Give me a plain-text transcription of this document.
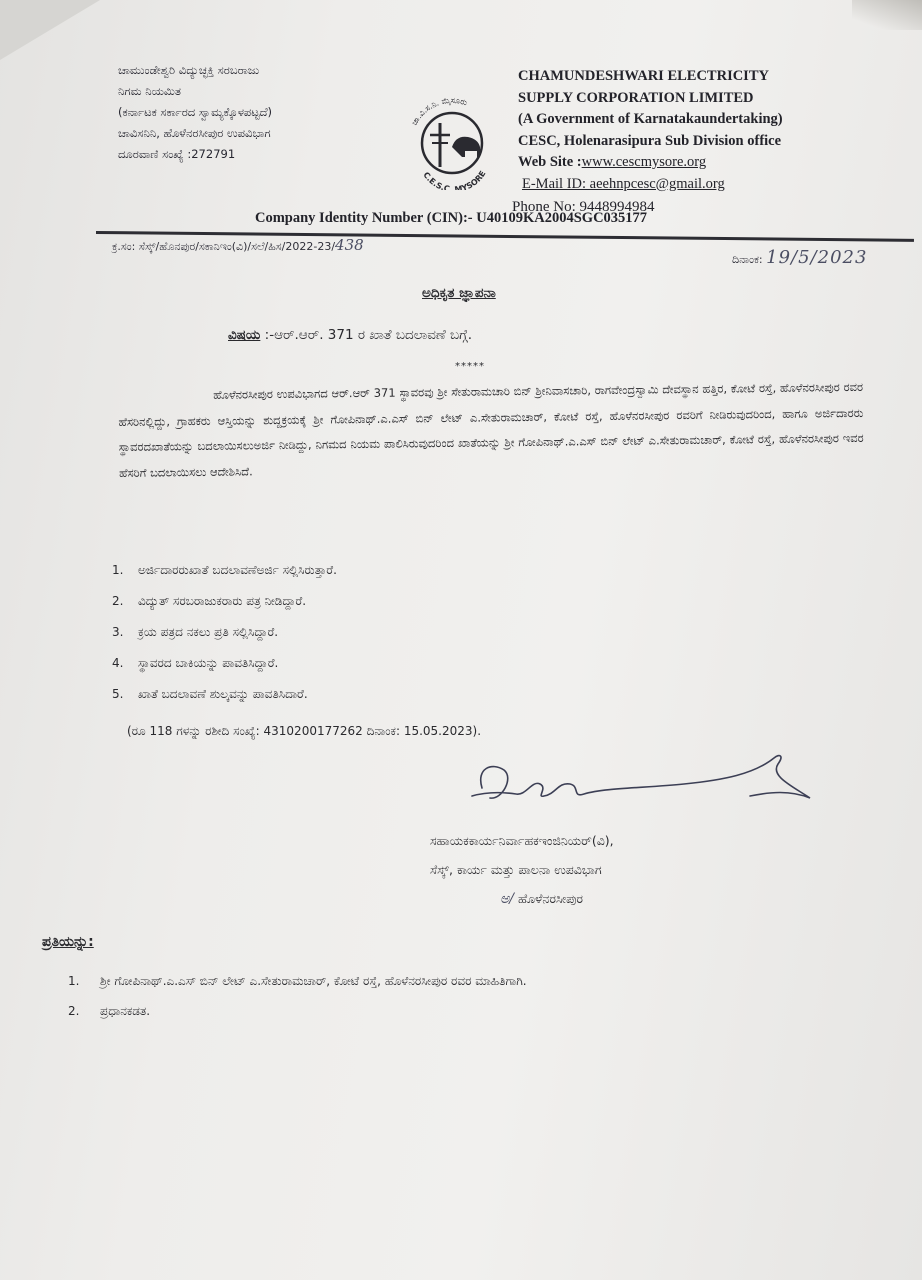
ಚಾಮುಂಡೇಶ್ವರಿ ವಿದ್ಯುಚ್ಛಕ್ತಿ ಸರಬರಾಜು
ನಿಗಮ ನಿಯಮಿತ
(ಕರ್ನಾಟಕ ಸರ್ಕಾರದ ಸ್ವಾಮ್ಯಕ್ಕೊಳಪಟ್ಟದೆ)
ಚಾವಿಸನಿನಿ, ಹೊಳೆನರಸೀಪುರ ಉಪವಿಭಾಗ
ದೂರವಾಣಿ ಸಂಖ್ಯೆ :272791
ಚಾ.ವಿ.ಸ.ನಿ. ಮೈಸೂರು
C.E.S.C. MYSORE
CHAMUNDESHWARI ELECTRICITY
SUPPLY CORPORATION LIMITED
(A Government of Karnatakaundertaking)
CESC, Holenarasipura Sub Division office
Web Site :www.cescmysore.org
E-Mail ID: aeehnpcesc@gmail.org
Phone No: 9448994984
Company Identity Number (CIN):- U40109KA2004SGC035177
ಕ್ರ.ಸಂ: ಸೆಸ್ಕ್/ಹೊನಪುರ/ಸಕಾನಿಇಂ(ವಿ)/ಸಲೆ/ಹಿಸ/2022-23/438
ದಿನಾಂಕ: 19/5/2023
ಅಧಿಕೃತ ಜ್ಞಾಪನಾ
ವಿಷಯ :-ಆರ್.ಆರ್. 371 ರ ಖಾತೆ ಬದಲಾವಣೆ ಬಗ್ಗೆ.
*****
ಹೊಳೆನರಸೀಪುರ ಉಪವಿಭಾಗದ ಆರ್.ಆರ್ 371 ಸ್ಥಾವರವು ಶ್ರೀ ಸೇತುರಾಮಚಾರಿ ಬಿನ್ ಶ್ರೀನಿವಾಸಚಾರಿ, ರಾಗವೇಂದ್ರಸ್ವಾಮಿ ದೇವಸ್ಥಾನ ಹತ್ತಿರ, ಕೋಟೆ ರಸ್ತೆ, ಹೊಳೆನರಸೀಪುರ ರವರ ಹೆಸರಿನಲ್ಲಿದ್ದು, ಗ್ರಾಹಕರು ಆಸ್ತಿಯನ್ನು ಶುದ್ದಕ್ರಯಕ್ಕೆ ಶ್ರೀ ಗೋಪಿನಾಥ್.ಎ.ಎಸ್ ಬಿನ್ ಲೇಟ್ ಎ.ಸೇತುರಾಮಚಾರ್, ಕೋಟೆ ರಸ್ತೆ, ಹೊಳೆನರಸೀಪುರ ರವರಿಗೆ ನೀಡಿರುವುದರಿಂದ, ಹಾಗೂ ಅರ್ಜಿದಾರರು ಸ್ಥಾವರದಖಾತೆಯನ್ನು ಬದಲಾಯಿಸಲುಅರ್ಜಿ ನೀಡಿದ್ದು, ನಿಗಮದ ನಿಯಮ ಪಾಲಿಸಿರುವುದರಿಂದ ಖಾತೆಯನ್ನು ಶ್ರೀ ಗೋಪಿನಾಥ್.ಎ.ಎಸ್ ಬಿನ್ ಲೇಟ್ ಎ.ಸೇತುರಾಮಚಾರ್, ಕೋಟೆ ರಸ್ತೆ, ಹೊಳೆನರಸೀಪುರ ಇವರ ಹೆಸರಿಗೆ ಬದಲಾಯಿಸಲು ಆದೇಶಿಸಿದೆ.
1.	ಅರ್ಜಿದಾರರುಖಾತೆ ಬದಲಾವಣೆಅರ್ಜಿ ಸಲ್ಲಿಸಿರುತ್ತಾರೆ.
2.	ವಿದ್ಯುತ್ ಸರಬರಾಜುಕರಾರು ಪತ್ರ ನೀಡಿದ್ದಾರೆ.
3.	ಕ್ರಯ ಪತ್ರದ ನಕಲು ಪ್ರತಿ ಸಲ್ಲಿಸಿದ್ದಾರೆ.
4.	ಸ್ಥಾವರದ ಬಾಕಿಯನ್ನು ಪಾವತಿಸಿದ್ದಾರೆ.
5.	ಖಾತೆ ಬದಲಾವಣೆ ಶುಲ್ಕವನ್ನು ಪಾವತಿಸಿದಾರೆ.
(ರೂ 118 ಗಳನ್ನು ರಶೀದಿ ಸಂಖ್ಯೆ: 4310200177262 ದಿನಾಂಕ: 15.05.2023).
ಸಹಾಯಕಕಾರ್ಯನಿರ್ವಾಹಕಇಂಜಿನಿಯರ್(ವಿ),
ಸೆಸ್ಕ್, ಕಾರ್ಯ ಮತ್ತು ಪಾಲನಾ ಉಪವಿಭಾಗ
ಅ/ ಹೊಳೆನರಸೀಪುರ
ಪ್ರತಿಯನ್ನು:
1.	ಶ್ರೀ ಗೋಪಿನಾಥ್.ಎ.ಎಸ್ ಬಿನ್ ಲೇಟ್ ಎ.ಸೇತುರಾಮಚಾರ್, ಕೋಟೆ ರಸ್ತೆ, ಹೊಳೆನರಸೀಪುರ ರವರ ಮಾಹಿತಿಗಾಗಿ.
2.	ಪ್ರಧಾನಕಡತ.
